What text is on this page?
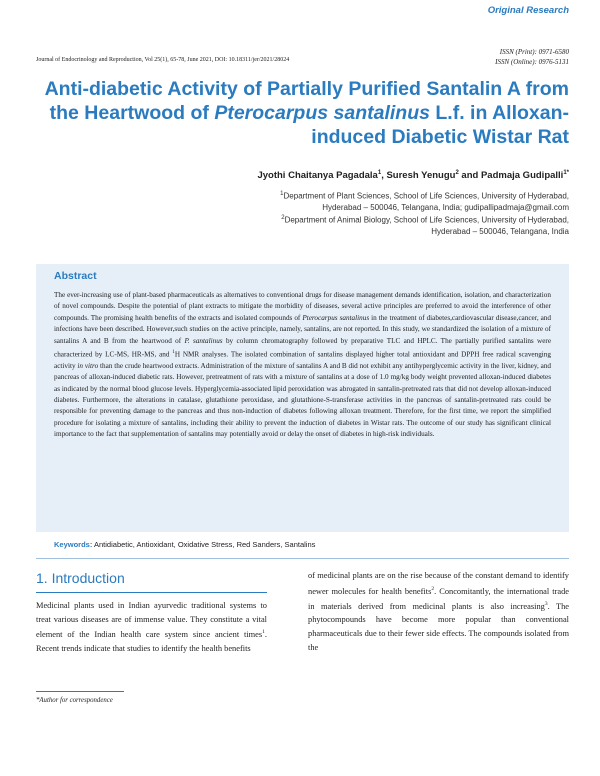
Original Research
ISSN (Print): 0971-6580
ISSN (Online): 0976-5131
Journal of Endocrinology and Reproduction, Vol 25(1), 65-78, June 2021, DOI: 10.18311/jer/2021/28024
Anti-diabetic Activity of Partially Purified Santalin A from the Heartwood of Pterocarpus santalinus L.f. in Alloxan-induced Diabetic Wistar Rat
Jyothi Chaitanya Pagadala$^1$, Suresh Yenugu$^2$ and Padmaja Gudipalli$^{1*}$
$^1$Department of Plant Sciences, School of Life Sciences, University of Hyderabad,
Hyderabad – 500046, Telangana, India; gudipallipadmaja@gmail.com
$^2$Department of Animal Biology, School of Life Sciences, University of Hyderabad,
Hyderabad – 500046, Telangana, India
Abstract
The ever-increasing use of plant-based pharmaceuticals as alternatives to conventional drugs for disease management demands identification, isolation, and characterization of novel compounds. Despite the potential of plant extracts to mitigate the morbidity of diseases, several active principles are preferred to avoid the interference of other compounds. The promising health benefits of the extracts and isolated compounds of Pterocarpus santalinus in the treatment of diabetes,cardiovascular disease,cancer, and infections have been described. However,such studies on the active principle, namely, santalins, are not reported. In this study, we standardized the isolation of a mixture of santalins A and B from the heartwood of P. santalinus by column chromatography followed by preparative TLC and HPLC. The partially purified santalins were characterized by LC-MS, HR-MS, and $^1$H NMR analyses. The isolated combination of santalins displayed higher total antioxidant and DPPH free radical scavenging activity in vitro than the crude heartwood extracts. Administration of the mixture of santalins A and B did not exhibit any antihyperglycemic activity in the liver, kidney, and pancreas of alloxan-induced diabetic rats. However, pretreatment of rats with a mixture of santalins at a dose of 1.0 mg/kg body weight prevented alloxan-induced diabetes as indicated by the normal blood glucose levels. Hyperglycemia-associated lipid peroxidation was abrogated in santalin-pretreated rats that did not develop alloxan-induced diabetes. Furthermore, the alterations in catalase, glutathione peroxidase, and glutathione-S-transferase activities in the pancreas of santalin-pretreated rats could be responsible for preventing damage to the pancreas and thus non-induction of diabetes following alloxan treatment. Therefore, for the first time, we report the simplified procedure for isolating a mixture of santalins, including their ability to prevent the induction of diabetes in Wistar rats. The outcome of our study has significant clinical importance to the fact that supplementation of santalins may potentially avoid or delay the onset of diabetes in high-risk individuals.
Keywords: Antidiabetic, Antioxidant, Oxidative Stress, Red Sanders, Santalins
1. Introduction
Medicinal plants used in Indian ayurvedic traditional systems to treat various diseases are of immense value. They constitute a vital element of the Indian health care system since ancient times$^1$. Recent trends indicate that studies to identify the health benefits
of medicinal plants are on the rise because of the constant demand to identify newer molecules for health benefits$^2$. Concomitantly, the international trade in materials derived from medicinal plants is also increasing$^3$. The phytocompounds have become more popular than conventional pharmaceuticals due to their fewer side effects. The compounds isolated from the
*Author for correspondence
